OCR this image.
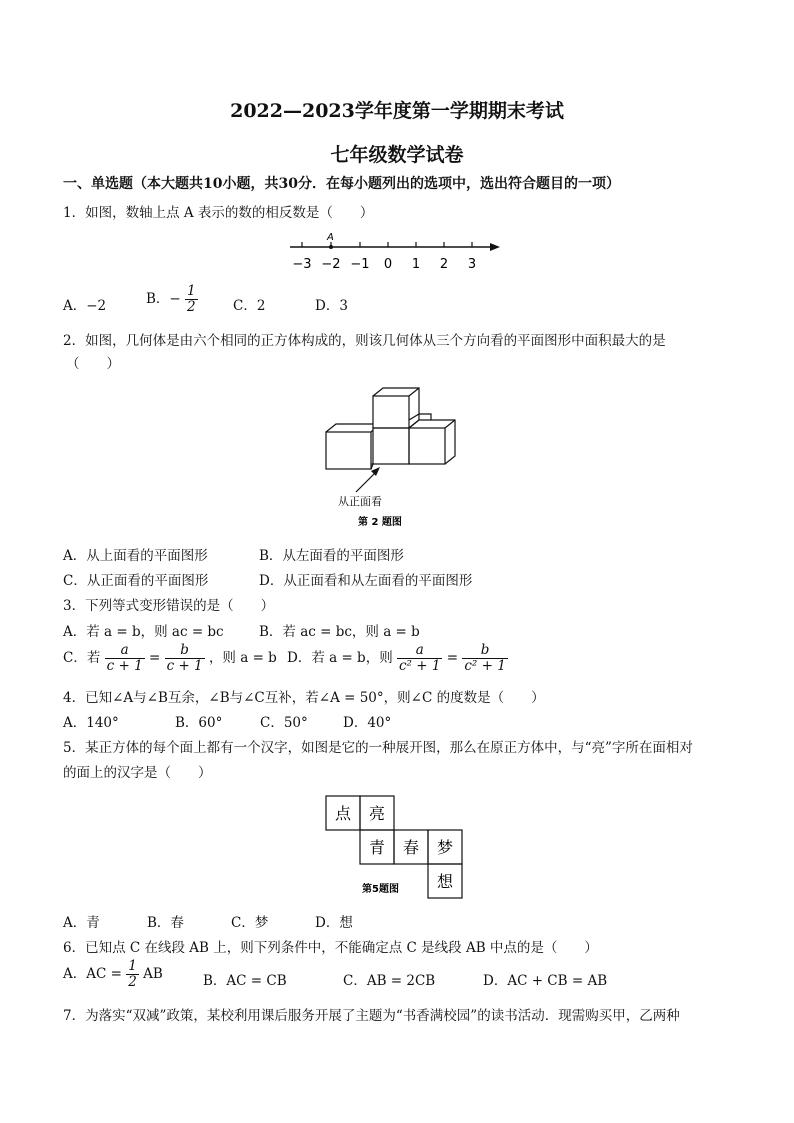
2022—2023学年度第一学期期末考试
七年级数学试卷
一、单选题（本大题共10小题，共30分．在每小题列出的选项中，选出符合题目的一项）
1．如图，数轴上点 A 表示的数的相反数是（　　）
A
−3 −2 −1 0 1 2 3
A．−2	B．− $\frac{1}{2}$	C．2	D．3
2．如图，几何体是由六个相同的正方体构成的，则该几何体从三个方向看的平面图形中面积最大的是
（　　）
从正面看
第 2 题图
A．从上面看的平面图形	B．从左面看的平面图形
C．从正面看的平面图形	D．从正面看和从左面看的平面图形
3．下列等式变形错误的是（　　）
A．若 a = b，则 ac = bc	B．若 ac = bc，则 a = b
C．若 $\frac{a}{c + 1} = \frac{b}{c + 1}$ ，则 a = b D．若 a = b，则 $\frac{a}{\text{c² + 1}} = \frac{b}{\text{c² + 1}}$
4．已知∠A与∠B互余，∠B与∠C互补，若∠A = 50°，则∠C 的度数是（　　）
A．140°	B．60°	C．50°	D．40°
5．某正方体的每个面上都有一个汉字，如图是它的一种展开图，那么在原正方体中，与“亮”字所在面相对
的面上的汉字是（　　）
点 亮
青 春 梦
想
第5题图
A．青	B．春	C．梦	D．想
6．已知点 C 在线段 AB 上，则下列条件中，不能确定点 C 是线段 AB 中点的是（　　）
A．AC = $\frac{1}{2}$ AB	B．AC = CB	C．AB = 2CB	D．AC + CB = AB
7．为落实“双减”政策，某校利用课后服务开展了主题为“书香满校园”的读书活动．现需购买甲，乙两种
